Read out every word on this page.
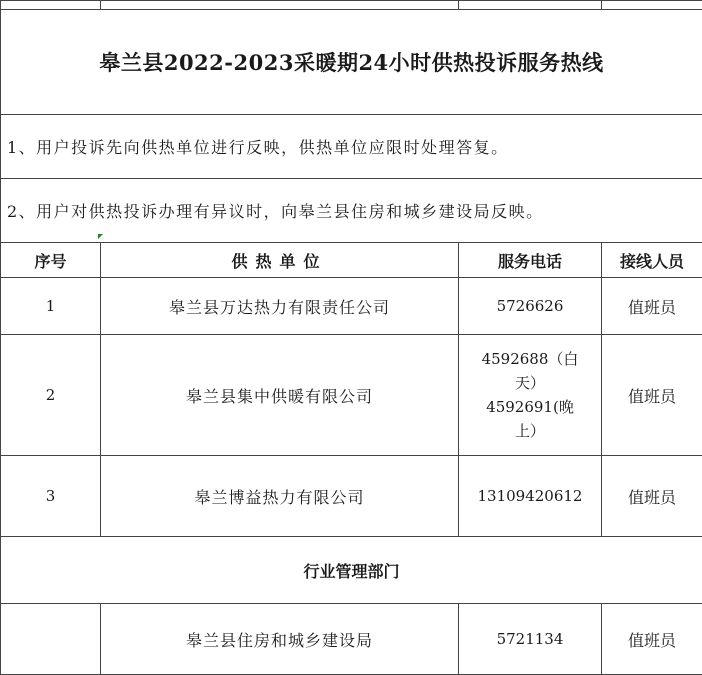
皋兰县2022-2023采暖期24小时供热投诉服务热线			
1、用户投诉先向供热单位进行反映，供热单位应限时处理答复。			
2、用户对供热投诉办理有异议时，向皋兰县住房和城乡建设局反映。			
序号	供热单位	服务电话	接线人员
1	皋兰县万达热力有限责任公司	5726626	值班员
2	皋兰县集中供暖有限公司	4592688（白
天）
4592691(晚
上）	值班员
3	皋兰博益热力有限公司	13109420612	值班员
行业管理部门			
	皋兰县住房和城乡建设局	5721134	值班员
